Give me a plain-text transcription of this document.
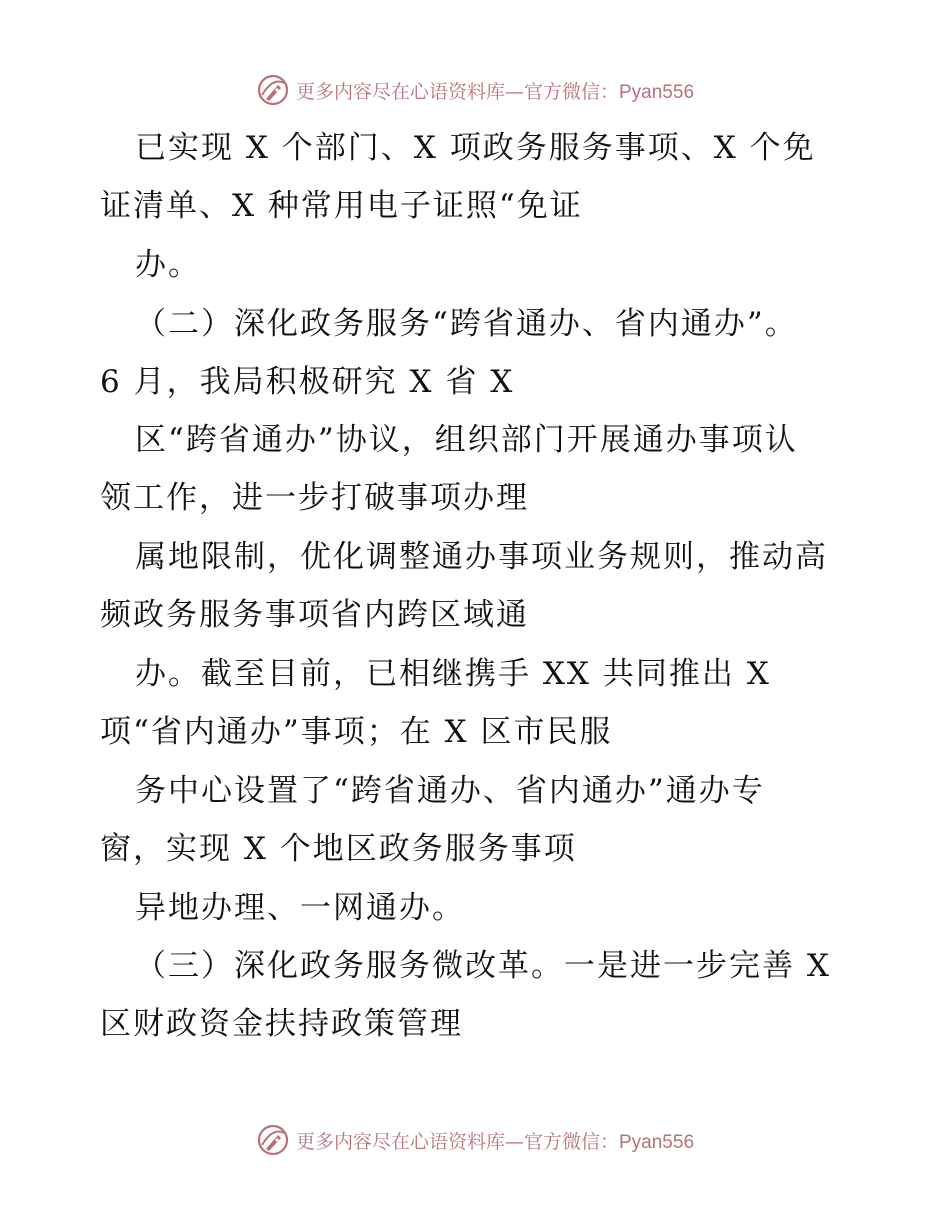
更多内容尽在心语资料库—官方微信：Pyan556
已实现 X 个部门、X 项政务服务事项、X 个免
证清单、X 种常用电子证照“免证
办。
（二）深化政务服务“跨省通办、省内通办”。
6 月，我局积极研究 X 省 X
区“跨省通办”协议，组织部门开展通办事项认
领工作，进一步打破事项办理
属地限制，优化调整通办事项业务规则，推动高
频政务服务事项省内跨区域通
办。截至目前，已相继携手 XX 共同推出 X
项“省内通办”事项；在 X 区市民服
务中心设置了“跨省通办、省内通办”通办专
窗，实现 X 个地区政务服务事项
异地办理、一网通办。
（三）深化政务服务微改革。一是进一步完善 X
区财政资金扶持政策管理
更多内容尽在心语资料库—官方微信：Pyan556
